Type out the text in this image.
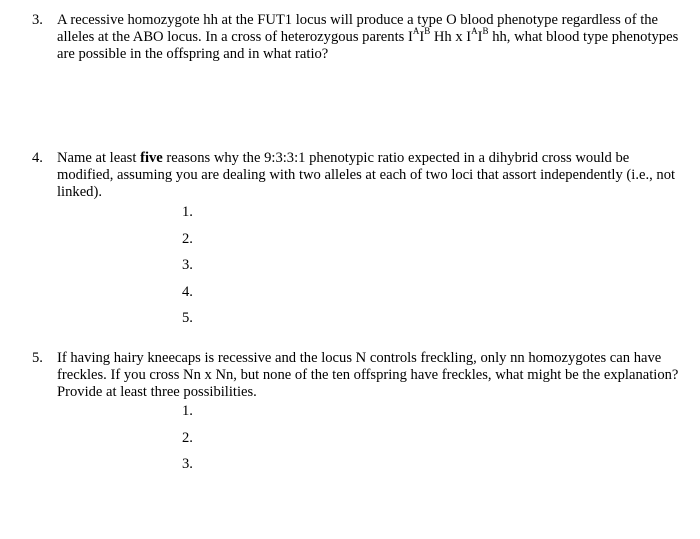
3. A recessive homozygote hh at the FUT1 locus will produce a type O blood phenotype regardless of the alleles at the ABO locus. In a cross of heterozygous parents $I^AI^B$ Hh x $I^AI^B$ hh, what blood type phenotypes are possible in the offspring and in what ratio?
4. Name at least five reasons why the 9:3:3:1 phenotypic ratio expected in a dihybrid cross would be modified, assuming you are dealing with two alleles at each of two loci that assort independently (i.e., not linked).
1.
2.
3.
4.
5.
5. If having hairy kneecaps is recessive and the locus N controls freckling, only nn homozygotes can have freckles. If you cross Nn x Nn, but none of the ten offspring have freckles, what might be the explanation? Provide at least three possibilities.
1.
2.
3.
